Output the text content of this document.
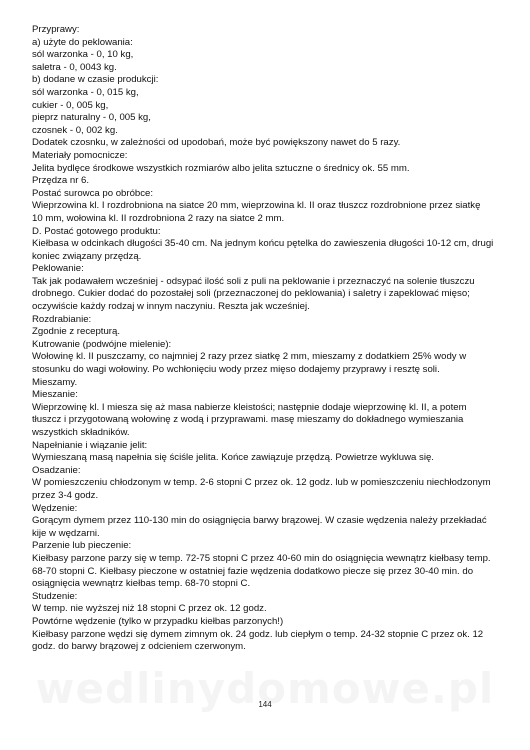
Przyprawy:
a) użyte do peklowania:
sól warzonka - 0, 10 kg,
saletra - 0, 0043 kg.
b) dodane w czasie produkcji:
sól warzonka - 0, 015 kg,
cukier - 0, 005 kg,
pieprz naturalny - 0, 005 kg,
czosnek - 0, 002 kg.
Dodatek czosnku, w zależności od upodobań, może być powiększony nawet do 5 razy.
Materiały pomocnicze:
Jelita bydlęce środkowe wszystkich rozmiarów albo jelita sztuczne o średnicy ok. 55 mm.
Przędza nr 6.
Postać surowca po obróbce:
Wieprzowina kl. I rozdrobniona na siatce 20 mm, wieprzowina kl. II oraz tłuszcz rozdrobnione przez siatkę
10 mm, wołowina kl. II rozdrobniona 2 razy na siatce 2 mm.
D. Postać gotowego produktu:
Kiełbasa w odcinkach długości 35-40 cm. Na jednym końcu pętelka do zawieszenia długości 10-12 cm, drugi
koniec związany przędzą.
Peklowanie:
Tak jak podawałem wcześniej - odsypać ilość soli z puli na peklowanie i przeznaczyć na solenie tłuszczu
drobnego. Cukier dodać do pozostałej soli (przeznaczonej do peklowania) i saletry i zapeklować mięso;
oczywiście każdy rodzaj w innym naczyniu. Reszta jak wcześniej.
Rozdrabianie:
Zgodnie z recepturą.
Kutrowanie (podwójne mielenie):
Wołowinę kl. II puszczamy, co najmniej 2 razy przez siatkę 2 mm, mieszamy z dodatkiem 25% wody w
stosunku do wagi wołowiny. Po wchłonięciu wody przez mięso dodajemy przyprawy i resztę soli.
Mieszamy.
Mieszanie:
Wieprzowinę kl. I miesza się aż masa nabierze kleistości; następnie dodaje wieprzowinę kl. II, a potem
tłuszcz i przygotowaną wołowinę z wodą i przyprawami. masę mieszamy do dokładnego wymieszania
wszystkich składników.
Napełnianie i wiązanie jelit:
Wymieszaną masą napełnia się ściśle jelita. Końce zawiązuje przędzą. Powietrze wykluwa się.
Osadzanie:
W pomieszczeniu chłodzonym w temp. 2-6 stopni C przez ok. 12 godz. lub w pomieszczeniu niechłodzonym
przez 3-4 godz.
Wędzenie:
Gorącym dymem przez 110-130 min do osiągnięcia barwy brązowej. W czasie wędzenia należy przekładać
kije w wędzarni.
Parzenie lub pieczenie:
Kiełbasy parzone parzy się w temp. 72-75 stopni C przez 40-60 min do osiągnięcia wewnątrz kiełbasy temp.
68-70 stopni C. Kiełbasy pieczone w ostatniej fazie wędzenia dodatkowo piecze się przez 30-40 min. do
osiągnięcia wewnątrz kiełbas temp. 68-70 stopni C.
Studzenie:
W temp. nie wyższej niż 18 stopni C przez ok. 12 godz.
Powtórne wędzenie (tylko w przypadku kiełbas parzonych!)
Kiełbasy parzone wędzi się dymem zimnym ok. 24 godz. lub ciepłym o temp. 24-32 stopnie C przez ok. 12
godz. do barwy brązowej z odcieniem czerwonym.
144
